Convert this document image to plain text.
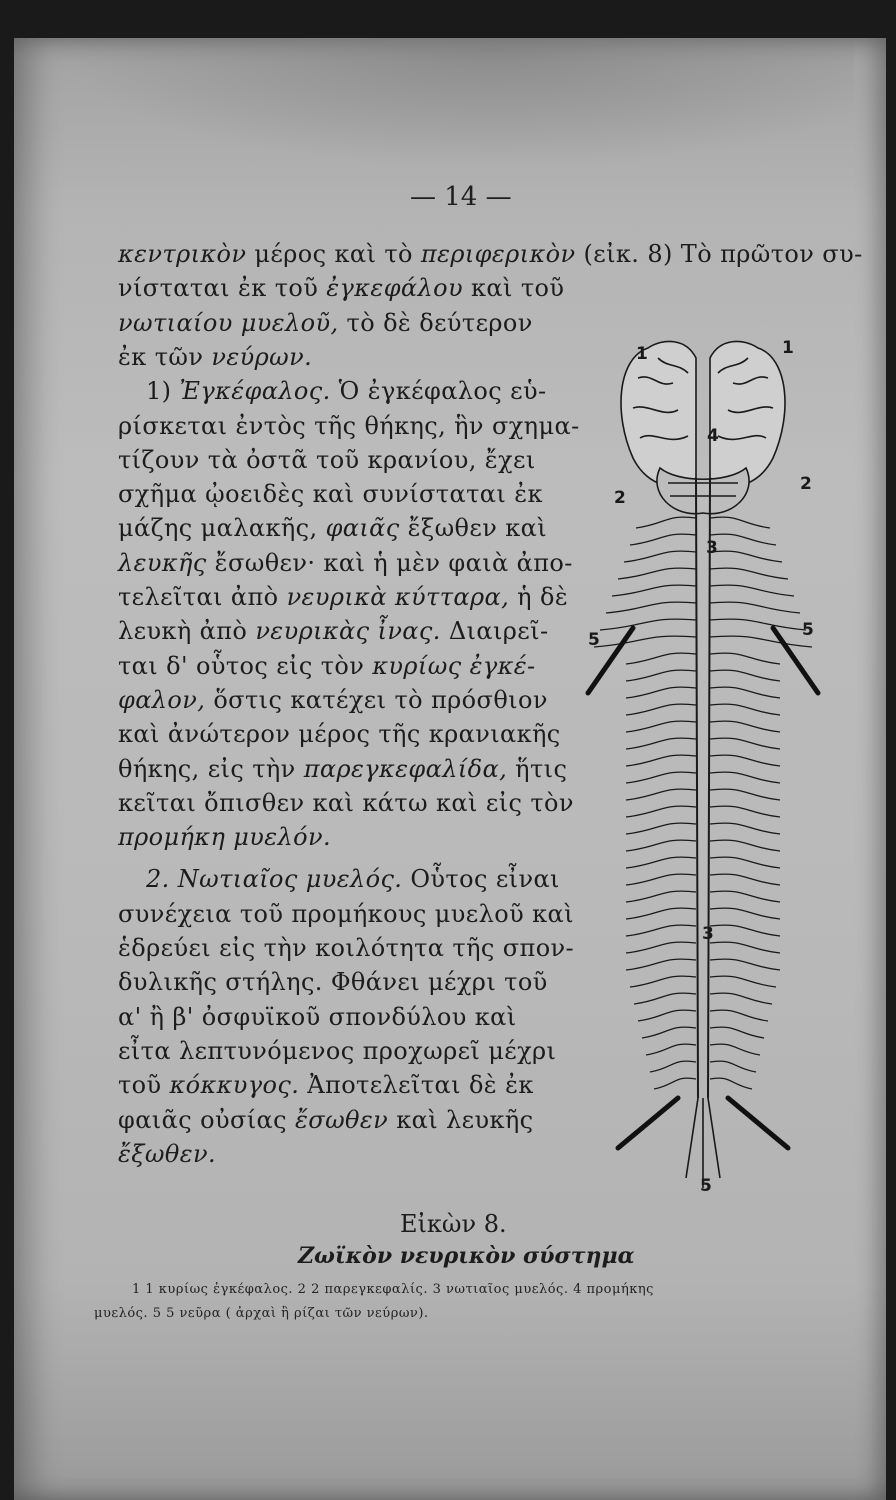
— 14 —
κεντρικὸν μέρος καὶ τὸ περιφερικὸν (εἰκ. 8) Τὸ πρῶτον συ-
νίσταται ἐκ τοῦ ἐγκεφάλου καὶ τοῦ
νωτιαίου μυελοῦ, τὸ δὲ δεύτερον
ἐκ τῶν νεύρων.
1) Ἐγκέφαλος. Ὁ ἐγκέφαλος εὑ-
ρίσκεται ἐντὸς τῆς θήκης, ἣν σχημα-
τίζουν τὰ ὀστᾶ τοῦ κρανίου, ἔχει
σχῆμα ᾠοειδὲς καὶ συνίσταται ἐκ
μάζης μαλακῆς, φαιᾶς ἔξωθεν καὶ
λευκῆς ἔσωθεν· καὶ ἡ μὲν φαιὰ ἀπο-
τελεῖται ἀπὸ νευρικὰ κύτταρα, ἡ δὲ
λευκὴ ἀπὸ νευρικὰς ἶνας. Διαιρεῖ-
ται δ' οὗτος εἰς τὸν κυρίως ἐγκέ-
φαλον, ὅστις κατέχει τὸ πρόσθιον
καὶ ἀνώτερον μέρος τῆς κρανιακῆς
θήκης, εἰς τὴν παρεγκεφαλίδα, ἥτις
κεῖται ὄπισθεν καὶ κάτω καὶ εἰς τὸν
προμήκη μυελόν.
2. Νωτιαῖος μυελός. Οὗτος εἶναι
συνέχεια τοῦ προμήκους μυελοῦ καὶ
ἑδρεύει εἰς τὴν κοιλότητα τῆς σπον-
δυλικῆς στήλης. Φθάνει μέχρι τοῦ
α' ἢ β' ὀσφυϊκοῦ σπονδύλου καὶ
εἶτα λεπτυνόμενος προχωρεῖ μέχρι
τοῦ κόκκυγος. Ἀποτελεῖται δὲ ἐκ
φαιᾶς οὐσίας ἔσωθεν καὶ λευκῆς
ἔξωθεν.
1	1
4
2
2
3
5	5
3
5
Εἰκὼν 8.
Ζωϊκὸν νευρικὸν σύστημα
1 1 κυρίως ἐγκέφαλος. 2 2 παρεγκεφαλίς. 3 νωτιαῖος μυελός. 4 προμήκης
μυελός. 5 5 νεῦρα ( ἀρχαὶ ἢ ρίζαι τῶν νεύρων).
